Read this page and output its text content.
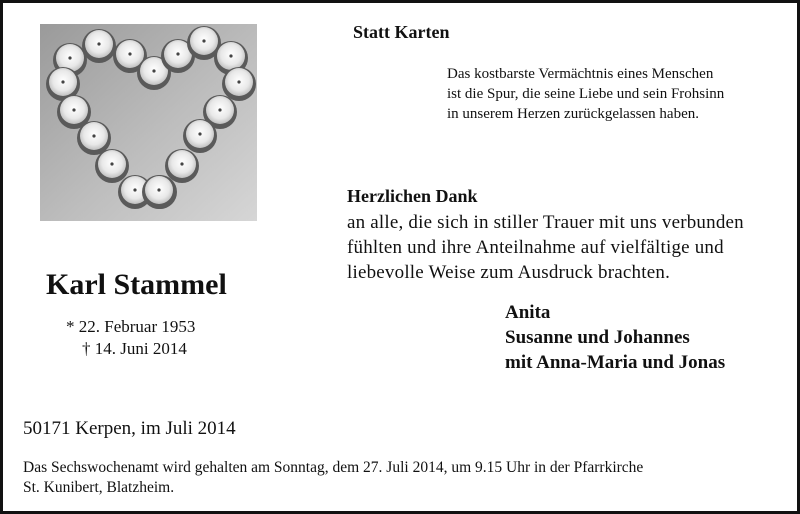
Statt Karten
Das kostbarste Vermächtnis eines Menschen
ist die Spur, die seine Liebe und sein Frohsinn
in unserem Herzen zurückgelassen haben.
Herzlichen Dank
an alle, die sich in stiller Trauer mit uns verbunden
fühlten und ihre Anteilnahme auf vielfältige und
liebevolle Weise zum Ausdruck brachten.
Anita
Susanne und Johannes
mit Anna-Maria und Jonas
Karl Stammel
* 22. Februar 1953
† 14. Juni 2014
50171 Kerpen, im Juli 2014
Das Sechswochenamt wird gehalten am Sonntag, dem 27. Juli 2014, um 9.15 Uhr in der Pfarrkirche
St. Kunibert, Blatzheim.
